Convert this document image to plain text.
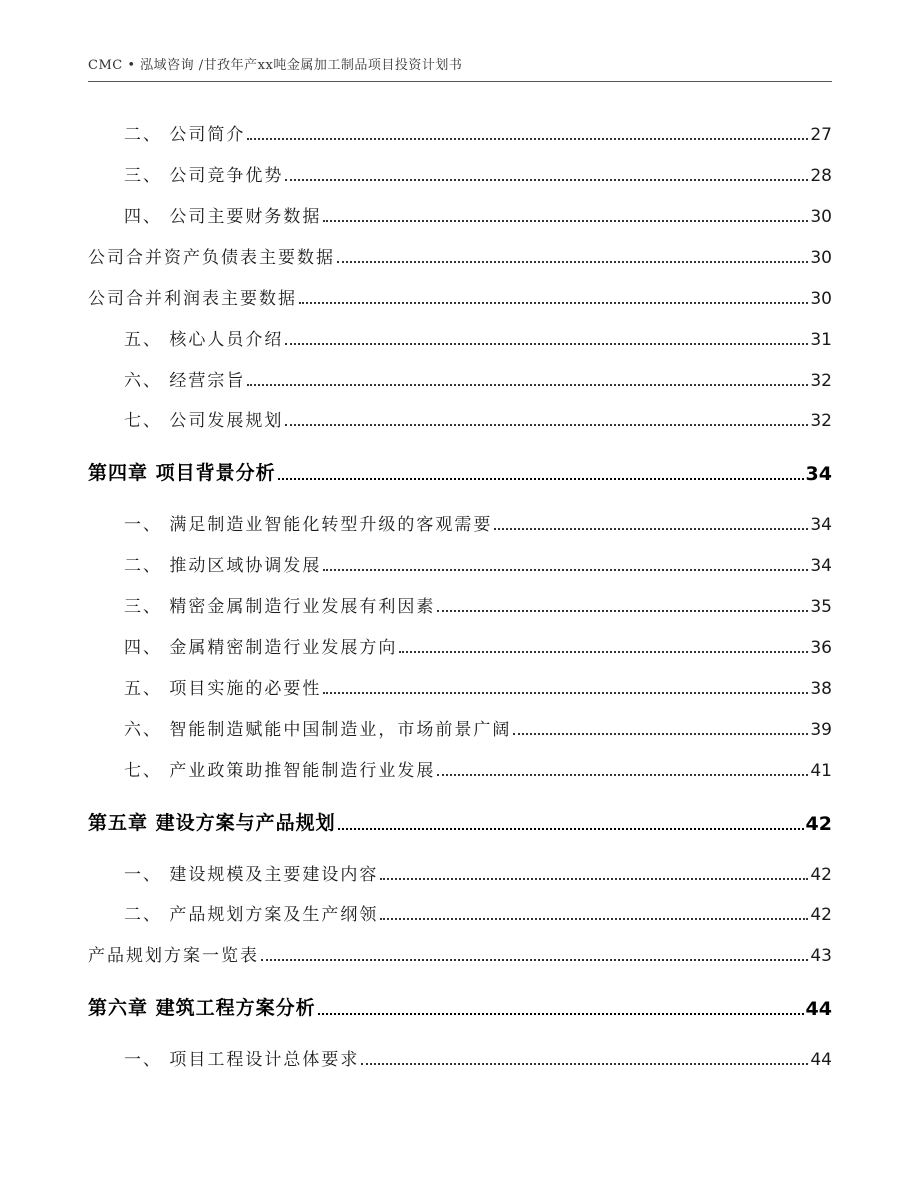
CMC • 泓域咨询 /甘孜年产xx吨金属加工制品项目投资计划书
二、 公司简介	27
三、 公司竞争优势	28
四、 公司主要财务数据	30
公司合并资产负债表主要数据	30
公司合并利润表主要数据	30
五、 核心人员介绍	31
六、 经营宗旨	32
七、 公司发展规划	32
第四章 项目背景分析	34
一、 满足制造业智能化转型升级的客观需要	34
二、 推动区域协调发展	34
三、 精密金属制造行业发展有利因素	35
四、 金属精密制造行业发展方向	36
五、 项目实施的必要性	38
六、 智能制造赋能中国制造业，市场前景广阔	39
七、 产业政策助推智能制造行业发展	41
第五章 建设方案与产品规划	42
一、 建设规模及主要建设内容	42
二、 产品规划方案及生产纲领	42
产品规划方案一览表	43
第六章 建筑工程方案分析	44
一、 项目工程设计总体要求	44
